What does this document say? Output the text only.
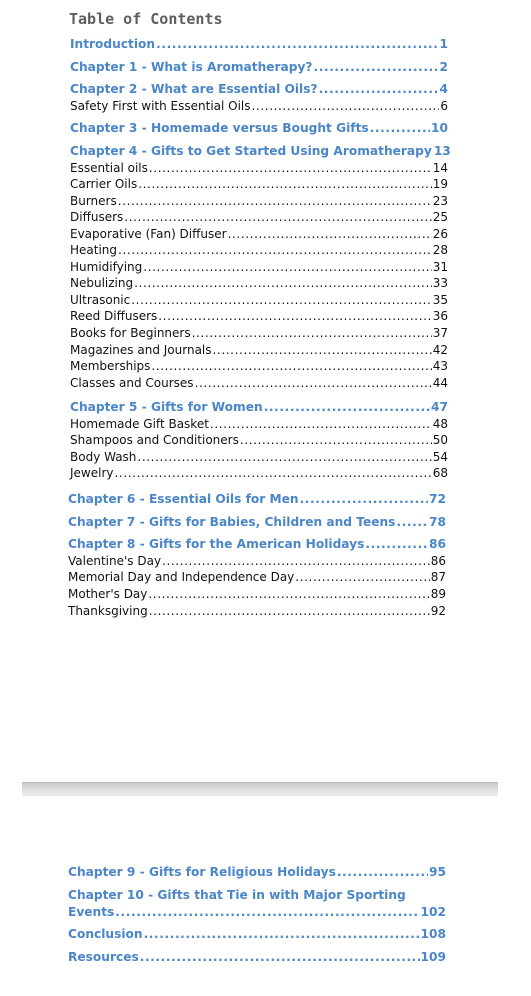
Table of Contents
Introduction .....	1
Chapter 1 - What is Aromatherapy? .....	2
Chapter 2 - What are Essential Oils? .....	4
Safety First with Essential Oils .....	6
Chapter 3 - Homemade versus Bought Gifts .....	10
Chapter 4 - Gifts to Get Started Using Aromatherapy 13
Essential oils .....	14
Carrier Oils .....	19
Burners .....	23
Diffusers .....	25
Evaporative (Fan) Diffuser .....	26
Heating .....	28
Humidifying .....	31
Nebulizing .....	33
Ultrasonic .....	35
Reed Diffusers .....	36
Books for Beginners .....	37
Magazines and Journals .....	42
Memberships .....	43
Classes and Courses .....	44
Chapter 5 - Gifts for Women .....	47
Homemade Gift Basket .....	48
Shampoos and Conditioners .....	50
Body Wash .....	54
Jewelry .....	68
Chapter 6 - Essential Oils for Men .....	72
Chapter 7 - Gifts for Babies, Children and Teens .....	78
Chapter 8 - Gifts for the American Holidays .....	86
Valentine's Day .....	86
Memorial Day and Independence Day .....	87
Mother's Day .....	89
Thanksgiving .....	92
Chapter 9 - Gifts for Religious Holidays .....	95
Chapter 10 - Gifts that Tie in with Major Sporting
Events .....	102
Conclusion .....	108
Resources .....	109
